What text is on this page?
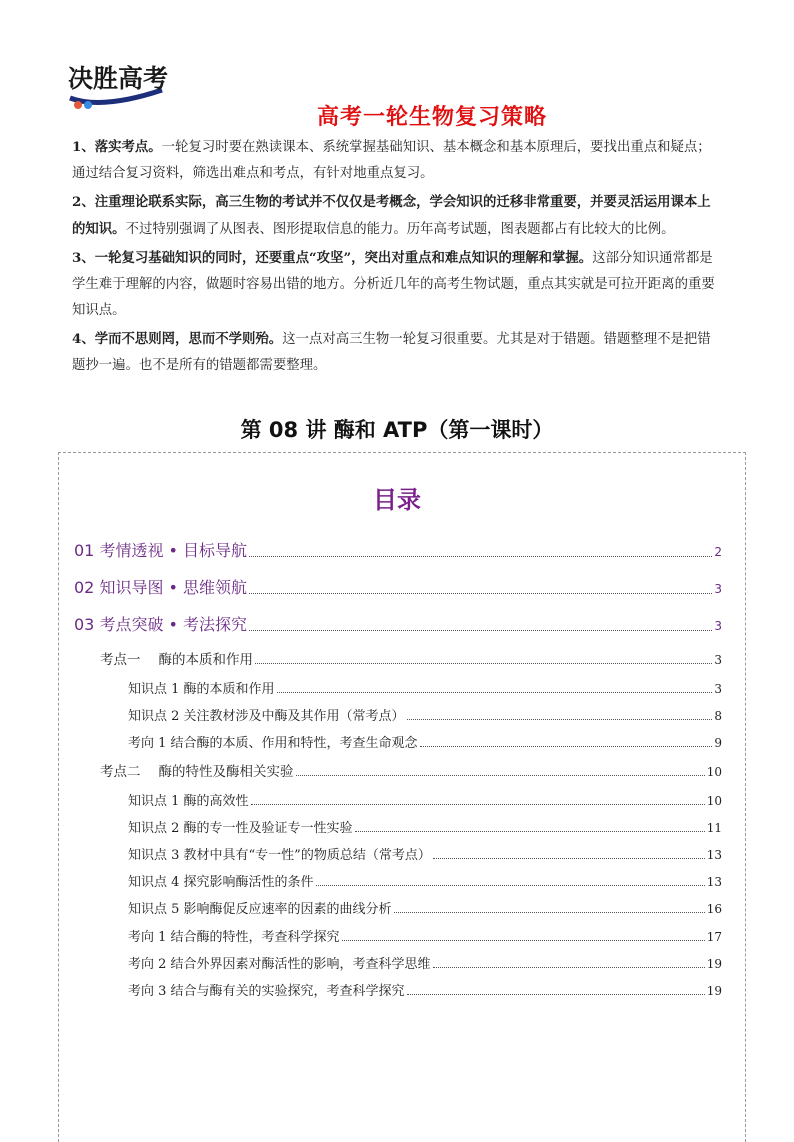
决胜高考
高考一轮生物复习策略

1、落实考点。一轮复习时要在熟读课本、系统掌握基础知识、基本概念和基本原理后，要找出重点和疑点；通过结合复习资料，筛选出难点和考点，有针对地重点复习。

2、注重理论联系实际，高三生物的考试并不仅仅是考概念，学会知识的迁移非常重要，并要灵活运用课本上的知识。不过特别强调了从图表、图形提取信息的能力。历年高考试题，图表题都占有比较大的比例。

3、一轮复习基础知识的同时，还要重点“攻坚”，突出对重点和难点知识的理解和掌握。这部分知识通常都是学生难于理解的内容，做题时容易出错的地方。分析近几年的高考生物试题，重点其实就是可拉开距离的重要知识点。

4、学而不思则罔，思而不学则殆。这一点对高三生物一轮复习很重要。尤其是对于错题。错题整理不是把错题抄一遍。也不是所有的错题都需要整理。

第 08 讲 酶和 ATP（第一课时）
目录
01 考情透视 • 目标导航	2
02 知识导图 • 思维领航	3
03 考点突破 • 考法探究	3
考点一 酶的本质和作用	3
知识点 1 酶的本质和作用	3
知识点 2 关注教材涉及中酶及其作用（常考点）	8
考向 1 结合酶的本质、作用和特性，考查生命观念	9
考点二 酶的特性及酶相关实验	10
知识点 1 酶的高效性	10
知识点 2 酶的专一性及验证专一性实验	11
知识点 3 教材中具有“专一性”的物质总结（常考点）	13
知识点 4 探究影响酶活性的条件	13
知识点 5 影响酶促反应速率的因素的曲线分析	16
考向 1 结合酶的特性，考查科学探究	17
考向 2 结合外界因素对酶活性的影响，考查科学思维	19
考向 3 结合与酶有关的实验探究，考查科学探究	19
